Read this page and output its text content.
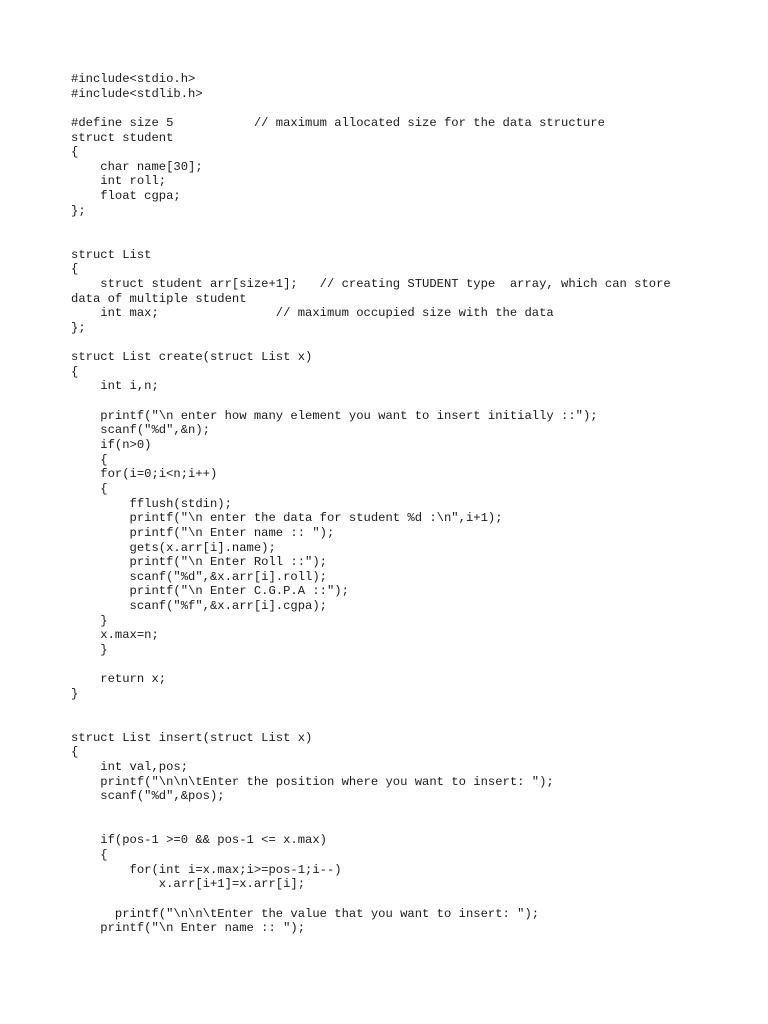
#include<stdio.h>
#include<stdlib.h>
#define size 5           // maximum allocated size for the data structure
struct student
{
char name[30];
int roll;
float cgpa;
};
struct List
{
struct student arr[size+1];   // creating STUDENT type  array, which can store
data of multiple student
int max;                // maximum occupied size with the data
};
struct List create(struct List x)
{
int i,n;
printf("\n enter how many element you want to insert initially ::");
scanf("%d",&n);
if(n>0)
{
for(i=0;i<n;i++)
{
fflush(stdin);
printf("\n enter the data for student %d :\n",i+1);
printf("\n Enter name :: ");
gets(x.arr[i].name);
printf("\n Enter Roll ::");
scanf("%d",&x.arr[i].roll);
printf("\n Enter C.G.P.A ::");
scanf("%f",&x.arr[i].cgpa);
}
x.max=n;
}
return x;
}
struct List insert(struct List x)
{
int val,pos;
printf("\n\n\tEnter the position where you want to insert: ");
scanf("%d",&pos);
if(pos-1 >=0 && pos-1 <= x.max)
{
for(int i=x.max;i>=pos-1;i--)
x.arr[i+1]=x.arr[i];
printf("\n\n\tEnter the value that you want to insert: ");
printf("\n Enter name :: ");
